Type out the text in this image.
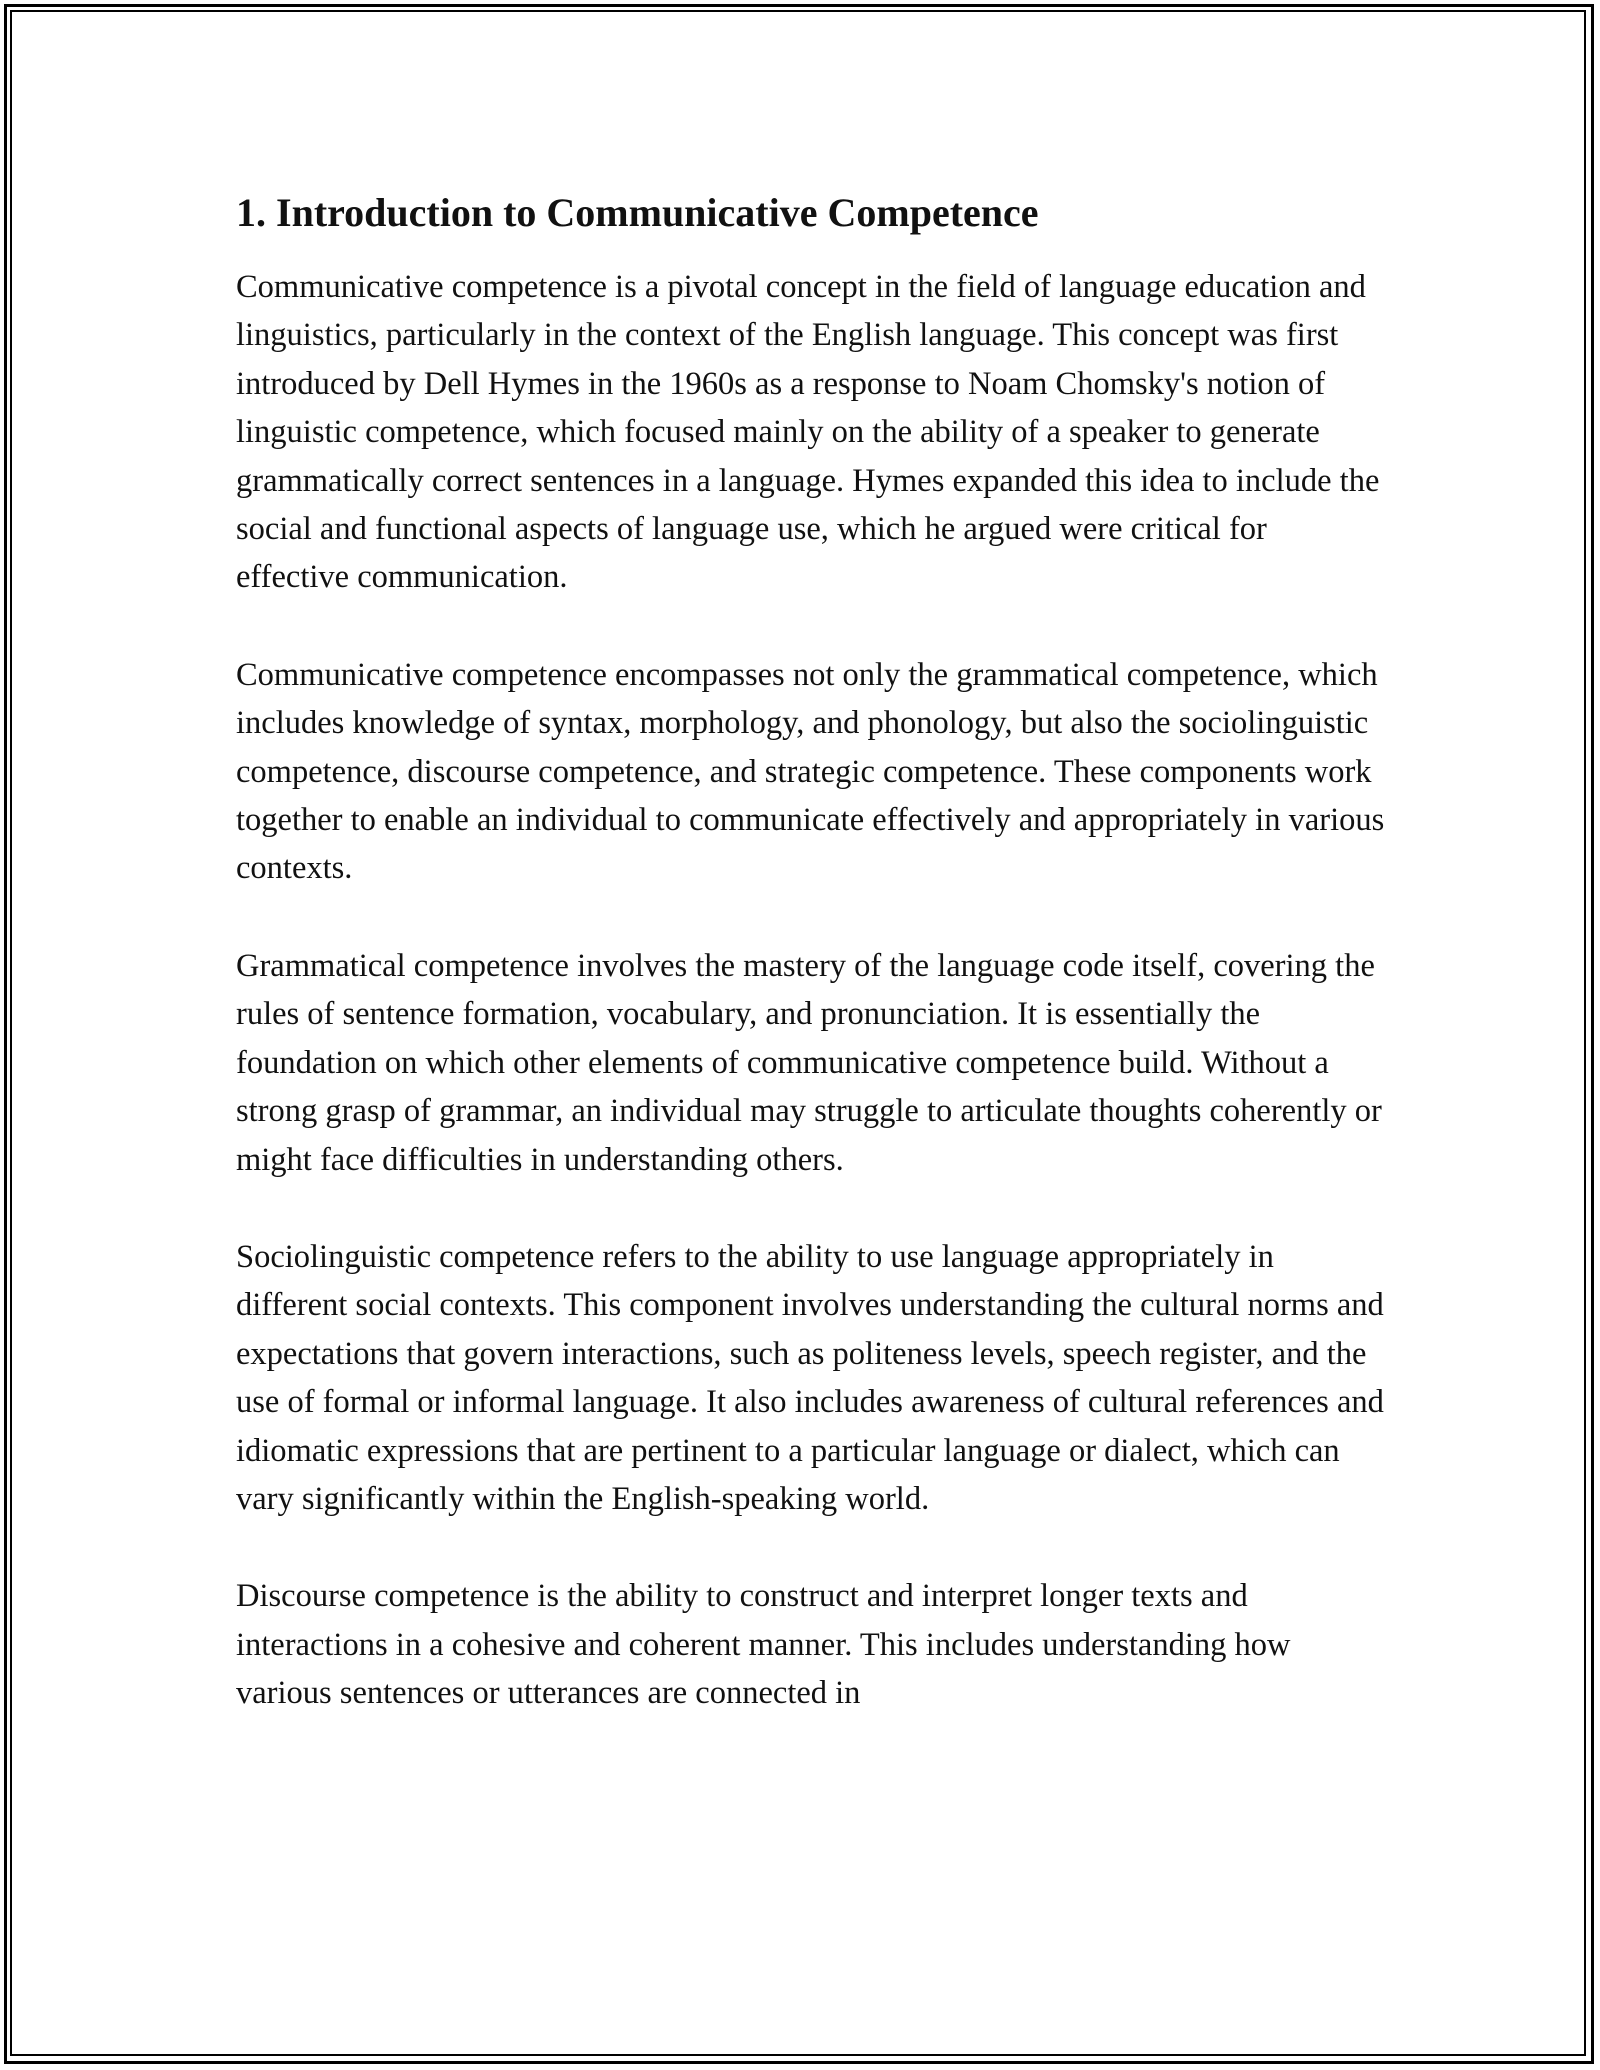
1. Introduction to Communicative Competence

Communicative competence is a pivotal concept in the field of language education and linguistics, particularly in the context of the English language. This concept was first introduced by Dell Hymes in the 1960s as a response to Noam Chomsky's notion of linguistic competence, which focused mainly on the ability of a speaker to generate grammatically correct sentences in a language. Hymes expanded this idea to include the social and functional aspects of language use, which he argued were critical for effective communication.

Communicative competence encompasses not only the grammatical competence, which includes knowledge of syntax, morphology, and phonology, but also the sociolinguistic competence, discourse competence, and strategic competence. These components work together to enable an individual to communicate effectively and appropriately in various contexts.

Grammatical competence involves the mastery of the language code itself, covering the rules of sentence formation, vocabulary, and pronunciation. It is essentially the foundation on which other elements of communicative competence build. Without a strong grasp of grammar, an individual may struggle to articulate thoughts coherently or might face difficulties in understanding others.

Sociolinguistic competence refers to the ability to use language appropriately in different social contexts. This component involves understanding the cultural norms and expectations that govern interactions, such as politeness levels, speech register, and the use of formal or informal language. It also includes awareness of cultural references and idiomatic expressions that are pertinent to a particular language or dialect, which can vary significantly within the English-speaking world.

Discourse competence is the ability to construct and interpret longer texts and interactions in a cohesive and coherent manner. This includes understanding how various sentences or utterances are connected in
